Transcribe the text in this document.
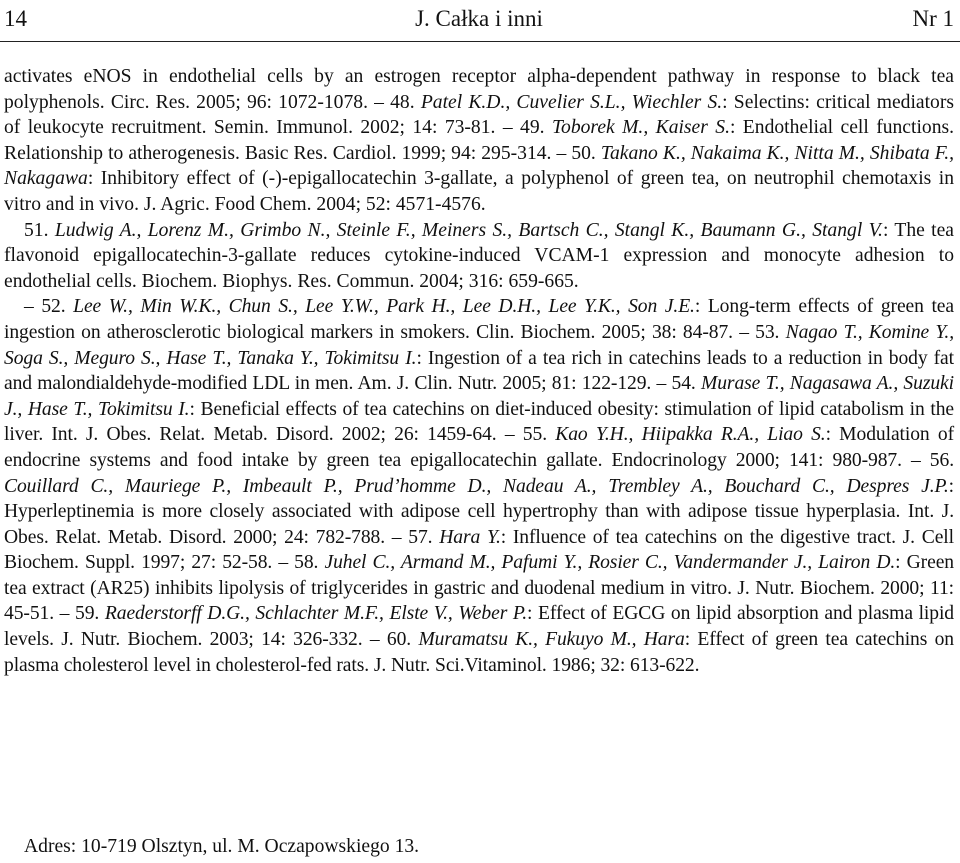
14	J. Całka i inni	Nr 1

activates eNOS in endothelial cells by an estrogen receptor alpha-dependent pathway in response to black tea polyphenols. Circ. Res. 2005; 96: 1072-1078. – 48. Patel K.D., Cuvelier S.L., Wiechler S.: Selectins: critical mediators of leukocyte recruitment. Semin. Immunol. 2002; 14: 73-81. – 49. Toborek M., Kaiser S.: Endothelial cell functions. Relationship to atherogenesis. Basic Res. Cardiol. 1999; 94: 295-314. – 50. Takano K., Nakaima K., Nitta M., Shibata F., Nakagawa: Inhibitory effect of (-)-epigallocatechin 3-gallate, a polyphenol of green tea, on neutrophil chemotaxis in vitro and in vivo. J. Agric. Food Chem. 2004; 52: 4571-4576.

51. Ludwig A., Lorenz M., Grimbo N., Steinle F., Meiners S., Bartsch C., Stangl K., Baumann G., Stangl V.: The tea flavonoid epigallocatechin-3-gallate reduces cytokine-induced VCAM-1 expression and monocyte adhesion to endothelial cells. Biochem. Biophys. Res. Commun. 2004; 316: 659-665.

– 52. Lee W., Min W.K., Chun S., Lee Y.W., Park H., Lee D.H., Lee Y.K., Son J.E.: Long-term effects of green tea ingestion on atherosclerotic biological markers in smokers. Clin. Biochem. 2005; 38: 84-87. – 53. Nagao T., Komine Y., Soga S., Meguro S., Hase T., Tanaka Y., Tokimitsu I.: Ingestion of a tea rich in catechins leads to a reduction in body fat and malondialdehyde-modified LDL in men. Am. J. Clin. Nutr. 2005; 81: 122-129. – 54. Murase T., Nagasawa A., Suzuki J., Hase T., Tokimitsu I.: Beneficial effects of tea catechins on diet-induced obesity: stimulation of lipid catabolism in the liver. Int. J. Obes. Relat. Metab. Disord. 2002; 26: 1459-64. – 55. Kao Y.H., Hiipakka R.A., Liao S.: Modulation of endocrine systems and food intake by green tea epigallocatechin gallate. Endocrinology 2000; 141: 980-987. – 56. Couillard C., Mauriege P., Imbeault P., Prud’homme D., Nadeau A., Trembley A., Bouchard C., Despres J.P.: Hyperleptinemia is more closely associated with adipose cell hypertrophy than with adipose tissue hyperplasia. Int. J. Obes. Relat. Metab. Disord. 2000; 24: 782-788. – 57. Hara Y.: Influence of tea catechins on the digestive tract. J. Cell Biochem. Suppl. 1997; 27: 52-58. – 58. Juhel C., Armand M., Pafumi Y., Rosier C., Vandermander J., Lairon D.: Green tea extract (AR25) inhibits lipolysis of triglycerides in gastric and duodenal medium in vitro. J. Nutr. Biochem. 2000; 11: 45-51. – 59. Raederstorff D.G., Schlachter M.F., Elste V., Weber P.: Effect of EGCG on lipid absorption and plasma lipid levels. J. Nutr. Biochem. 2003; 14: 326-332. – 60. Muramatsu K., Fukuyo M., Hara: Effect of green tea catechins on plasma cholesterol level in cholesterol-fed rats. J. Nutr. Sci.Vitaminol. 1986; 32: 613-622.

Adres: 10-719 Olsztyn, ul. M. Oczapowskiego 13.
